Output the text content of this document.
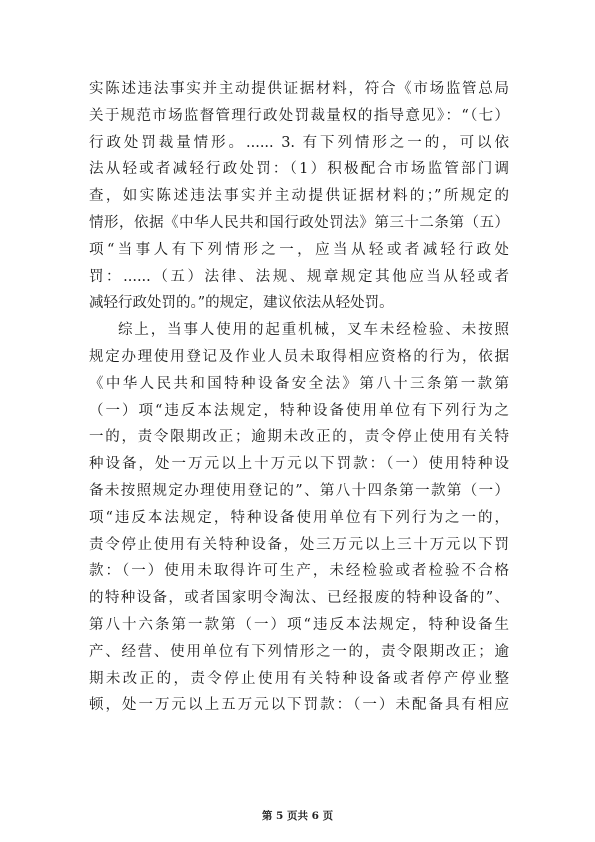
实陈述违法事实并主动提供证据材料，符合《市场监管总局
关于规范市场监督管理行政处罚裁量权的指导意见》：“（七）
行政处罚裁量情形。...... 3. 有下列情形之一的，可以依
法从轻或者减轻行政处罚：（1）积极配合市场监管部门调
查，如实陈述违法事实并主动提供证据材料的；”所规定的
情形，依据《中华人民共和国行政处罚法》第三十二条第（五）
项“当事人有下列情形之一，应当从轻或者减轻行政处
罚：......（五）法律、法规、规章规定其他应当从轻或者
减轻行政处罚的。”的规定，建议依法从轻处罚。
综上，当事人使用的起重机械，叉车未经检验、未按照
规定办理使用登记及作业人员未取得相应资格的行为，依据
《中华人民共和国特种设备安全法》第八十三条第一款第
（一）项“违反本法规定，特种设备使用单位有下列行为之
一的，责令限期改正；逾期未改正的，责令停止使用有关特
种设备，处一万元以上十万元以下罚款：（一）使用特种设
备未按照规定办理使用登记的”、第八十四条第一款第（一）
项“违反本法规定，特种设备使用单位有下列行为之一的，
责令停止使用有关特种设备，处三万元以上三十万元以下罚
款：（一）使用未取得许可生产，未经检验或者检验不合格
的特种设备，或者国家明令淘汰、已经报废的特种设备的”、
第八十六条第一款第（一）项“违反本法规定，特种设备生
产、经营、使用单位有下列情形之一的，责令限期改正；逾
期未改正的，责令停止使用有关特种设备或者停产停业整
顿，处一万元以上五万元以下罚款：（一）未配备具有相应
第 5 页共 6 页
